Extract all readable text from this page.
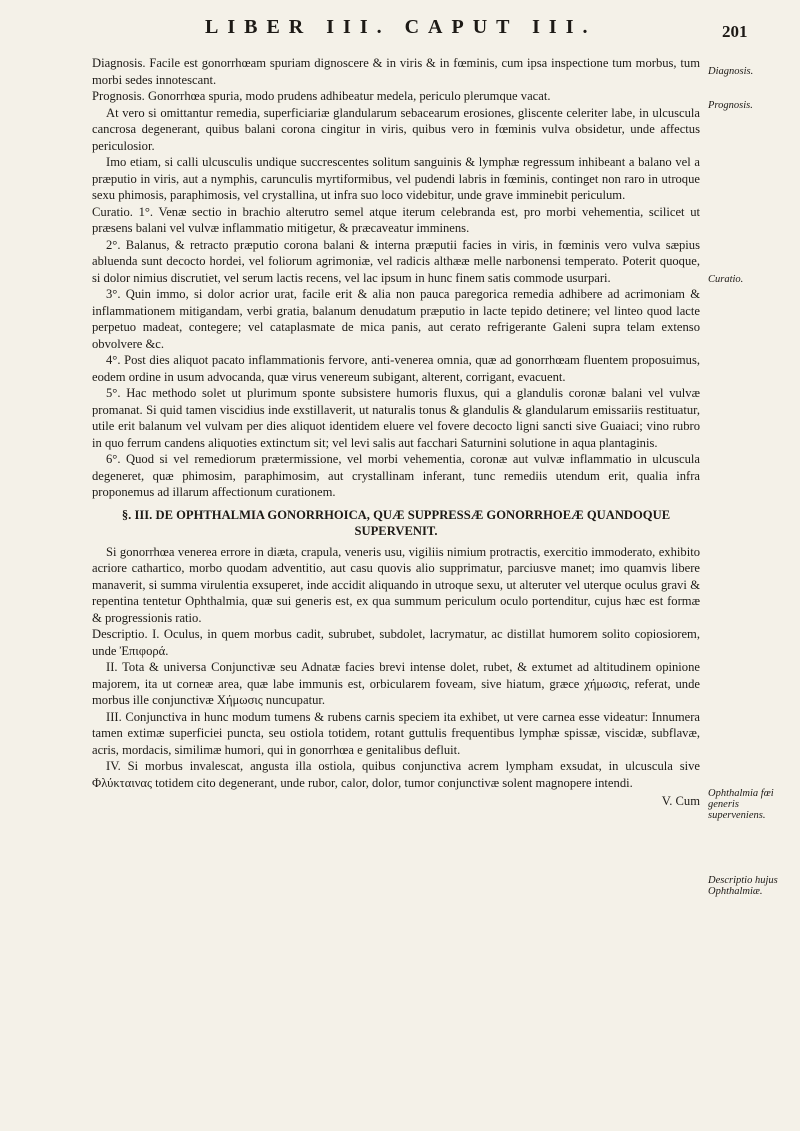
LIBER III. CAPUT III.	201

Diagnosis. Facile est gonorrhœam spuriam dignoscere & in viris & in fœminis, cum ipsa inspectione tum morbus, tum morbi sedes innotescant.

Prognosis. Gonorrhœa spuria, modo prudens adhibeatur medela, periculo plerumque vacat.

At vero si omittantur remedia, superficiariæ glandularum sebacearum erosiones, gliscente celeriter labe, in ulcuscula cancrosa degenerant, quibus balani corona cingitur in viris, quibus vero in fœminis vulva obsidetur, unde affectus periculosior.

Imo etiam, si calli ulcusculis undique succrescentes solitum sanguinis & lymphæ regressum inhibeant a balano vel a præputio in viris, aut a nymphis, carunculis myrtiformibus, vel pudendi labris in fœminis, continget non raro in utroque sexu phimosis, paraphimosis, vel crystallina, ut infra suo loco videbitur, unde grave imminebit periculum.

Curatio. 1°. Venæ sectio in brachio alterutro semel atque iterum celebranda est, pro morbi vehementia, scilicet ut præsens balani vel vulvæ inflammatio mitigetur, & præcaveatur imminens.

2°. Balanus, & retracto præputio corona balani & interna præputii facies in viris, in fœminis vero vulva sæpius abluenda sunt decocto hordei, vel foliorum agrimoniæ, vel radicis althææ melle narbonensi temperato. Poterit quoque, si dolor nimius discrutiet, vel serum lactis recens, vel lac ipsum in hunc finem satis commode usurpari.

3°. Quin immo, si dolor acrior urat, facile erit & alia non pauca paregorica remedia adhibere ad acrimoniam & inflammationem mitigandam, verbi gratia, balanum denudatum præputio in lacte tepido detinere; vel linteo quod lacte perpetuo madeat, contegere; vel cataplasmate de mica panis, aut cerato refrigerante Galeni supra telam extenso obvolvere &c.

4°. Post dies aliquot pacato inflammationis fervore, anti-venerea omnia, quæ ad gonorrhœam fluentem proposuimus, eodem ordine in usum advocanda, quæ virus venereum subigant, alterent, corrigant, evacuent.

5°. Hac methodo solet ut plurimum sponte subsistere humoris fluxus, qui a glandulis coronæ balani vel vulvæ promanat. Si quid tamen viscidius inde exstillaverit, ut naturalis tonus & glandulis & glandularum emissariis restituatur, utile erit balanum vel vulvam per dies aliquot identidem eluere vel fovere decocto ligni sancti sive Guaiaci; vino rubro in quo ferrum candens aliquoties extinctum sit; vel levi salis aut facchari Saturnini solutione in aqua plantaginis.

6°. Quod si vel remediorum prætermissione, vel morbi vehementia, coronæ aut vulvæ inflammatio in ulcuscula degeneret, quæ phimosim, paraphimosim, aut crystallinam inferant, tunc remediis utendum erit, qualia infra proponemus ad illarum affectionum curationem.

§. III. DE OPHTHALMIA GONORRHOICA, QUÆ SUPPRESSÆ GONORRHOEÆ QUANDOQUE SUPERVENIT.

Si gonorrhœa venerea errore in diæta, crapula, veneris usu, vigiliis nimium protractis, exercitio immoderato, exhibito acriore cathartico, morbo quodam adventitio, aut casu quovis alio supprimatur, parciusve manet; imo quamvis libere manaverit, si summa virulentia exsuperet, inde accidit aliquando in utroque sexu, ut alteruter vel uterque oculus gravi & repentina tentetur Ophthalmia, quæ sui generis est, ex qua summum periculum oculo portenditur, cujus hæc est formæ & progressionis ratio.

Descriptio. I. Oculus, in quem morbus cadit, subrubet, subdolet, lacrymatur, ac distillat humorem solito copiosiorem, unde Ἐπιφορά.

II. Tota & universa Conjunctivæ seu Adnatæ facies brevi intense dolet, rubet, & extumet ad altitudinem opinione majorem, ita ut corneæ area, quæ labe immunis est, orbicularem foveam, sive hiatum, græce χήμωσις, referat, unde morbus ille conjunctivæ Χήμωσις nuncupatur.

III. Conjunctiva in hunc modum tumens & rubens carnis speciem ita exhibet, ut vere carnea esse videatur: Innumera tamen extimæ superficiei puncta, seu ostiola totidem, rotant guttulis frequentibus lymphæ spissæ, viscidæ, subflavæ, acris, mordacis, similimæ humori, qui in gonorrhœa e genitalibus defluit.

IV. Si morbus invalescat, angusta illa ostiola, quibus conjunctiva acrem lympham exsudat, in ulcuscula sive Φλύκταινας totidem cito degenerant, unde rubor, calor, dolor, tumor conjunctivæ solent magnopere intendi.

V. Cum

Diagnosis.
Prognosis.
Curatio.
Ophthalmia fœi generis superveniens.
Descriptio hujus Ophthalmiæ.
